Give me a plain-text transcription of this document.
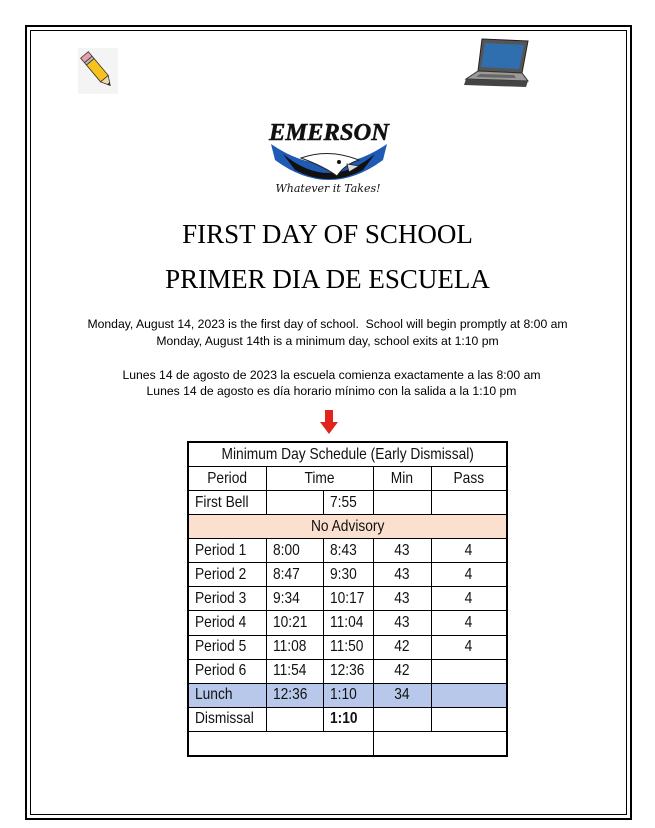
EMERSON
Whatever it Takes!
FIRST DAY OF SCHOOL
PRIMER DIA DE ESCUELA
Monday, August 14, 2023 is the first day of school.  School will begin promptly at 8:00 am
Monday, August 14th is a minimum day, school exits at 1:10 pm
Lunes 14 de agosto de 2023 la escuela comienza exactamente a las 8:00 am
Lunes 14 de agosto es día horario mínimo con la salida a la 1:10 pm
Minimum Day Schedule (Early Dismissal)				
Period	Time		Min	Pass
First Bell		7:55		
No Advisory				
Period 1	8:00	8:43	43	4
Period 2	8:47	9:30	43	4
Period 3	9:34	10:17	43	4
Period 4	10:21	11:04	43	4
Period 5	11:08	11:50	42	4
Period 6	11:54	12:36	42	
Lunch	12:36	1:10	34	
Dismissal		1:10		
